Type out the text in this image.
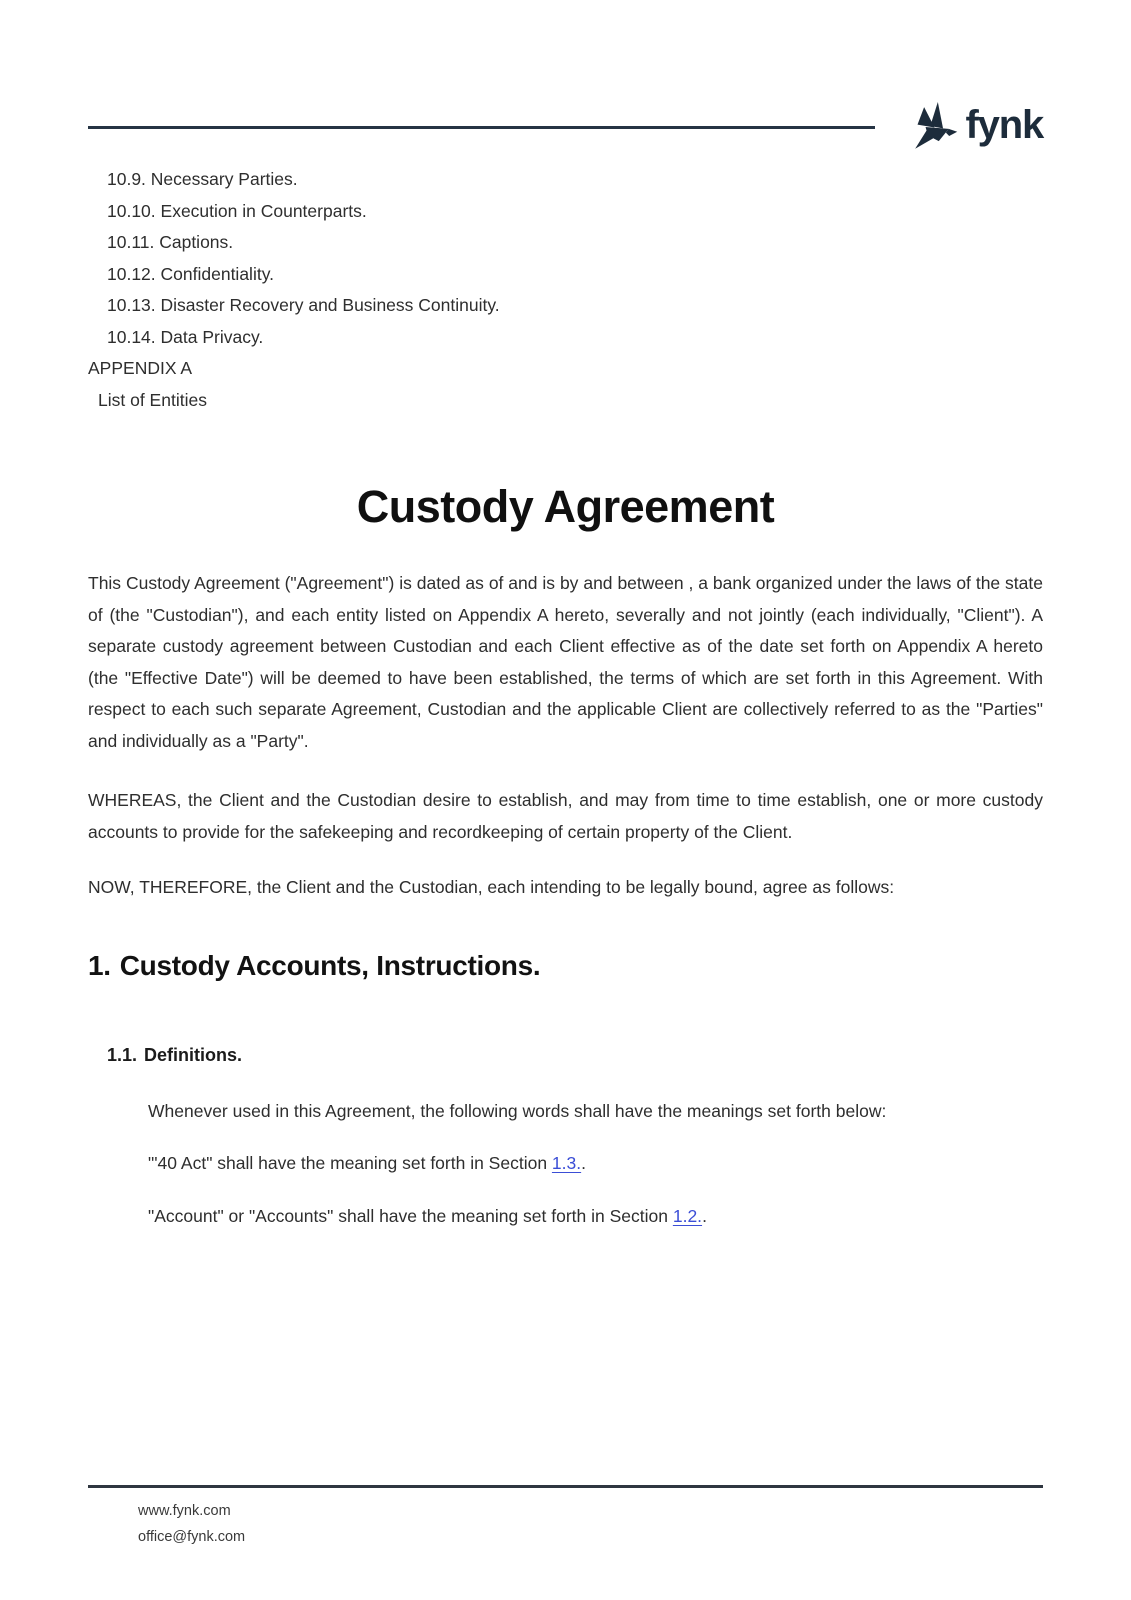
fynk
10.9. Necessary Parties.
10.10. Execution in Counterparts.
10.11. Captions.
10.12. Confidentiality.
10.13. Disaster Recovery and Business Continuity.
10.14. Data Privacy.
APPENDIX A
List of Entities
Custody Agreement

This Custody Agreement ("Agreement") is dated as of and is by and between , a bank organized under the laws of the state of (the "Custodian"), and each entity listed on Appendix A hereto, severally and not jointly (each individually, "Client"). A separate custody agreement between Custodian and each Client effective as of the date set forth on Appendix A hereto (the "Effective Date") will be deemed to have been established, the terms of which are set forth in this Agreement. With respect to each such separate Agreement, Custodian and the applicable Client are collectively referred to as the "Parties" and individually as a "Party".

WHEREAS, the Client and the Custodian desire to establish, and may from time to time establish, one or more custody accounts to provide for the safekeeping and recordkeeping of certain property of the Client.

NOW, THEREFORE, the Client and the Custodian, each intending to be legally bound, agree as follows:

1. Custody Accounts, Instructions.
1.1. Definitions.

Whenever used in this Agreement, the following words shall have the meanings set forth below:

"'40 Act" shall have the meaning set forth in Section 1.3..
"Account" or "Accounts" shall have the meaning set forth in Section 1.2..
www.fynk.com
office@fynk.com
